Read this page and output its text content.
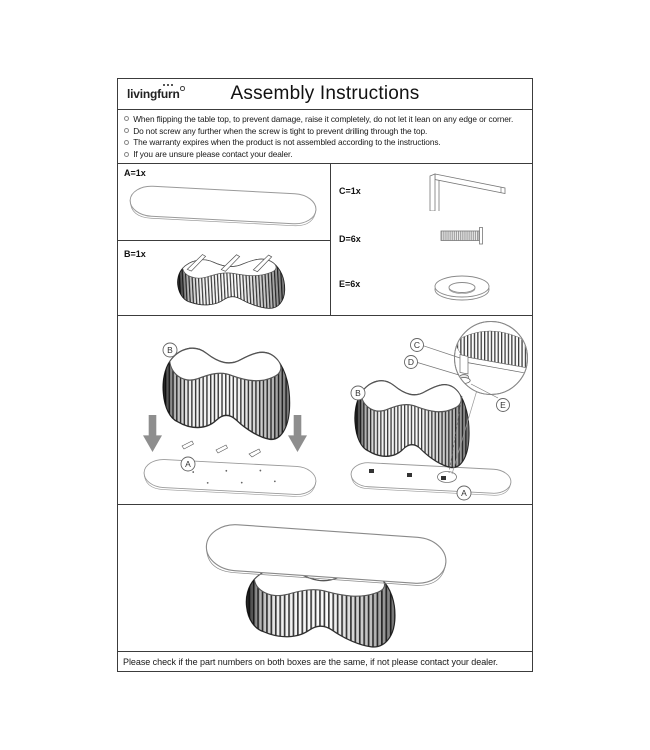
livingfurn	Assembly Instructions
When flipping the table top, to prevent damage, raise it completely, do not let it lean on any edge or corner.
Do not screw any further when the screw is tight to prevent drilling through the top.
The warranty expires when the product is not assembled according to the instructions.
If you are unsure please contact your dealer.
A=1x
B=1x
C=1x
D=6x
E=6x
B
A
C
D
E
B
A
Please check if the part numbers on both boxes are the same, if not please contact your dealer.
